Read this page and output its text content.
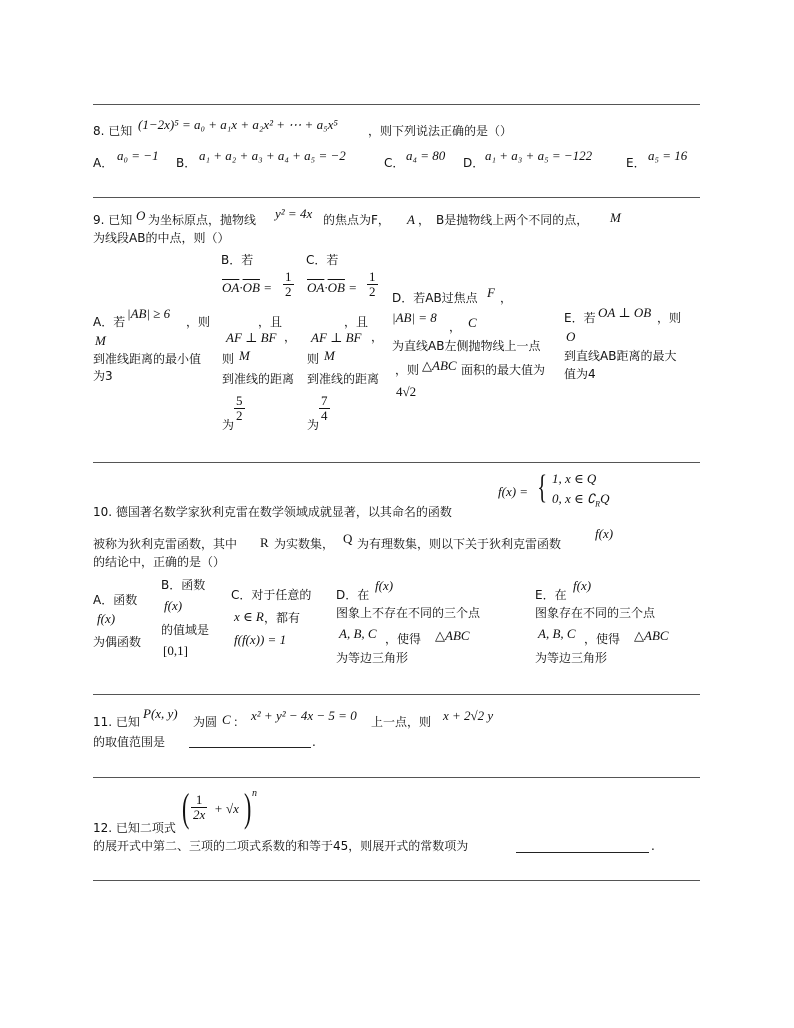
8. 已知 (1−2x)⁵ = a₀ + a₁x + a₂x² + ⋯ + a₅x⁵	，则下列说法正确的是（）
A． a₀ = −1 B． a₁ + a₂ + a₃ + a₄ + a₅ = −2	C． a₄ = 80 D． a₁ + a₃ + a₅ = −122	E． a₅ = 16
9. 已知 O 为坐标原点，抛物线 y² = 4x 的焦点为F， A ， B是抛物线上两个不同的点， M
为线段AB的中点，则（）
A．若
|AB| ≥ 6
，则
M
到准线距离的最小值
为3
B．若
$\overline{OA}\cdot\overline{OB} = \frac{1}{2}$
，且
AF ⊥ BF ，
则 M
到准线的距离
为
$\frac{5}{2}$
C．若
$\overline{OA}\cdot\overline{OB} = \frac{1}{2}$
，且
AF ⊥ BF ，
则 M
到准线的距离
为
$\frac{7}{4}$
D．若AB过焦点 F ，
|AB| = 8
， C
为直线AB左侧抛物线上一点
，则 △ABC 面积的最大值为
4√2
E．若 OA ⊥ OB ，则
O
到直线AB距离的最大
值为4
f(x) = { 1, x ∈ Q
0, x ∈ $∁_RQ$
10. 德国著名数学家狄利克雷在数学领域成就显著，以其命名的函数
被称为狄利克雷函数，其中 R 为实数集， Q 为有理数集，则以下关于狄利克雷函数
f(x)
的结论中，正确的是（）
A．函数
f(x)
为偶函数
B．函数
f(x)
的值域是
[0,1]
C．对于任意的
x ∈ R ，都有
f(f(x)) = 1
D．在
f(x)
图象上不存在不同的三个点
A, B, C ，使得 △ABC
为等边三角形
E．在
f(x)
图象存在不同的三个点
A, B, C ，使得 △ABC
为等边三角形
11. 已知
P(x, y)
为圆 C ： x² + y² − 4x − 5 = 0 上一点，则 x + 2√2 y
的取值范围是	.
( $\frac{1}{2x} + √x$ ) n
12. 已知二项式
的展开式中第二、三项的二项式系数的和等于45，则展开式的常数项为	.
